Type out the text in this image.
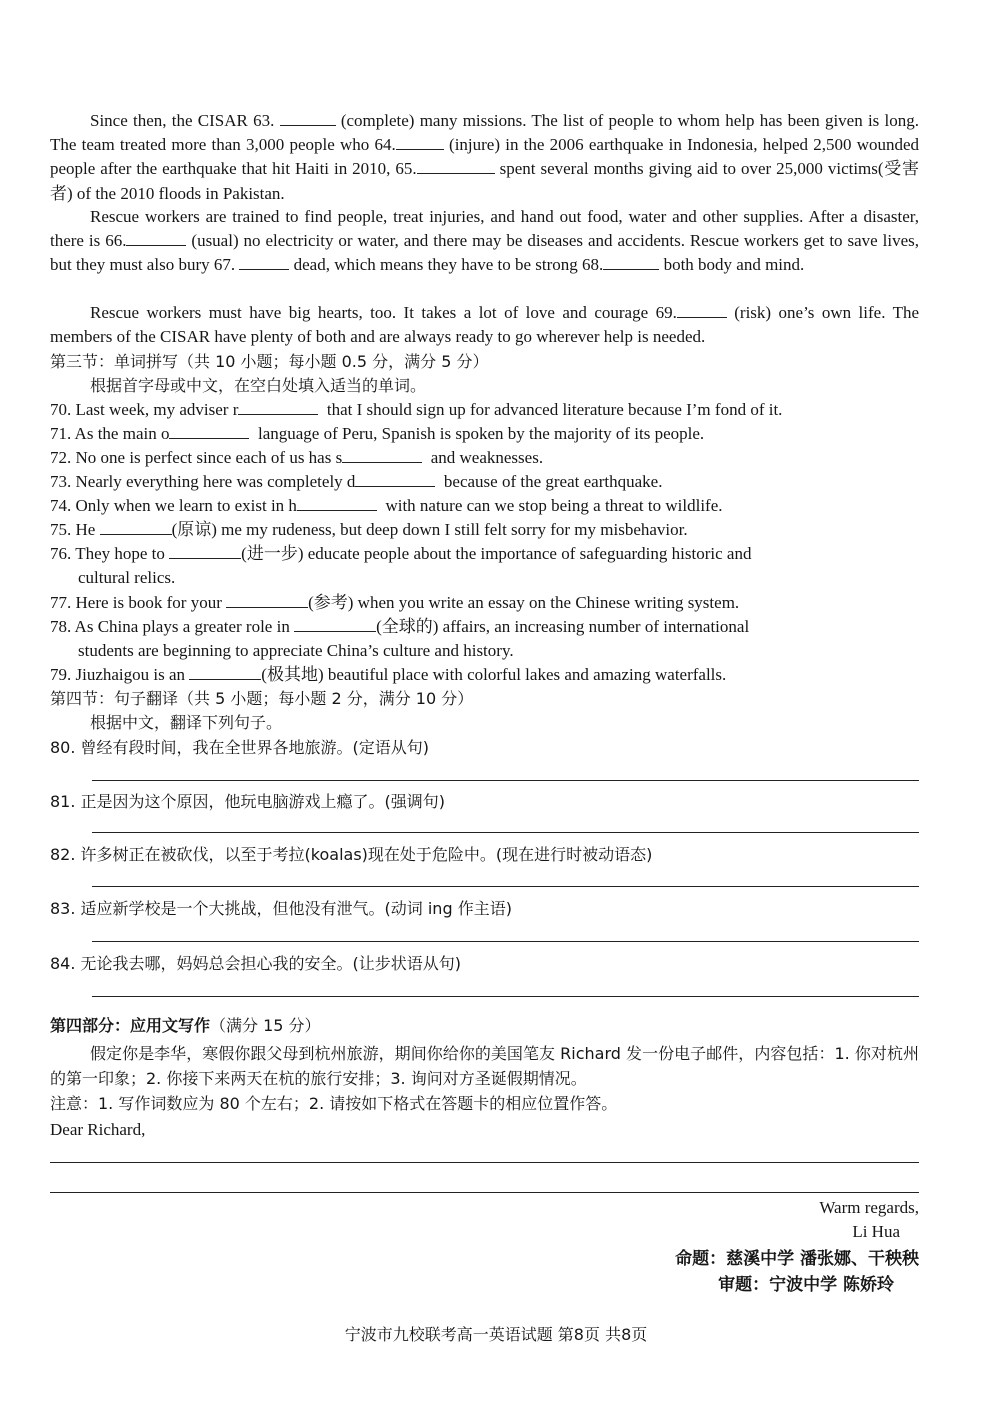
Since then, the CISAR 63.	(complete) many missions. The list of people to whom help has been given is long. The team treated more than 3,000 people who 64.	(injure) in the 2006 earthquake in Indonesia, helped 2,500 wounded people after the earthquake that hit Haiti in 2010, 65.	spent several months giving aid to over 25,000 victims(受害者) of the 2010 floods in Pakistan.
Rescue workers are trained to find people, treat injuries, and hand out food, water and other supplies. After a disaster, there is 66.	(usual) no electricity or water, and there may be diseases and accidents. Rescue workers get to save lives, but they must also bury 67.	dead, which means they have to be strong 68.	both body and mind.
Rescue workers must have big hearts, too. It takes a lot of love and courage 69.	(risk) one’s own life. The members of the CISAR have plenty of both and are always ready to go wherever help is needed.
第三节：单词拼写（共 10 小题；每小题 0.5 分，满分 5 分）
根据首字母或中文，在空白处填入适当的单词。
70. Last week, my adviser r	that I should sign up for advanced literature because I’m fond of it.
71. As the main o	language of Peru, Spanish is spoken by the majority of its people.
72. No one is perfect since each of us has s	and weaknesses.
73. Nearly everything here was completely d	because of the great earthquake.
74. Only when we learn to exist in h	with nature can we stop being a threat to wildlife.
75. He	(原谅) me my rudeness, but deep down I still felt sorry for my misbehavior.
76. They hope to	(进一步) educate people about the importance of safeguarding historic and
cultural relics.
77. Here is book for your	(参考) when you write an essay on the Chinese writing system.
78. As China plays a greater role in	(全球的) affairs, an increasing number of international
students are beginning to appreciate China’s culture and history.
79. Jiuzhaigou is an	(极其地) beautiful place with colorful lakes and amazing waterfalls.
第四节：句子翻译（共 5 小题；每小题 2 分，满分 10 分）
根据中文，翻译下列句子。
80. 曾经有段时间，我在全世界各地旅游。(定语从句)
81. 正是因为这个原因，他玩电脑游戏上瘾了。(强调句)
82. 许多树正在被砍伐，以至于考拉(koalas)现在处于危险中。(现在进行时被动语态)
83. 适应新学校是一个大挑战，但他没有泄气。(动词 ing 作主语)
84. 无论我去哪，妈妈总会担心我的安全。(让步状语从句)
第四部分：应用文写作（满分 15 分）
假定你是李华，寒假你跟父母到杭州旅游，期间你给你的美国笔友 Richard 发一份电子邮件，内容包括：1. 你对杭州的第一印象；2. 你接下来两天在杭的旅行安排；3. 询问对方圣诞假期情况。
注意：1. 写作词数应为 80 个左右；2. 请按如下格式在答题卡的相应位置作答。
Dear Richard,
Warm regards,
Li Hua
命题：慈溪中学 潘张娜、干秧秧
审题：宁波中学 陈娇玲
宁波市九校联考高一英语试题 第8页 共8页
